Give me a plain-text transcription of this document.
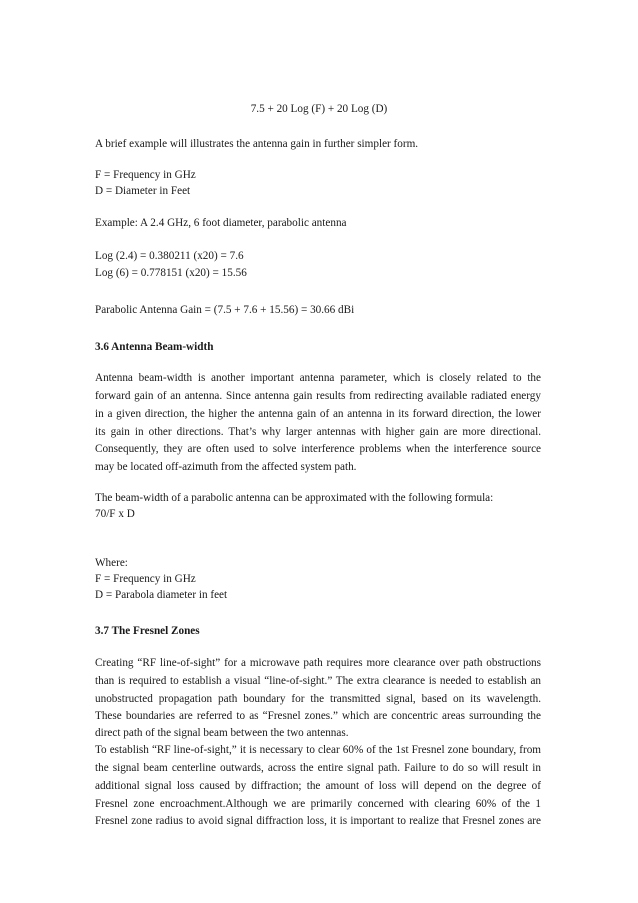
7.5 + 20 Log (F) + 20 Log (D)
A brief example will illustrates the antenna gain in further simpler form.
F = Frequency in GHz
D = Diameter in Feet
Example: A 2.4 GHz, 6 foot diameter, parabolic antenna
Log (2.4) = 0.380211 (x20) = 7.6
Log (6) = 0.778151 (x20) = 15.56
Parabolic Antenna Gain = (7.5 + 7.6 + 15.56) = 30.66 dBi
3.6 Antenna Beam-width
Antenna beam-width is another important antenna parameter, which is closely related to the
forward gain of an antenna. Since antenna gain results from redirecting available radiated energy
in a given direction, the higher the antenna gain of an antenna in its forward direction, the lower
its gain in other directions. That’s why larger antennas with higher gain are more directional.
Consequently, they are often used to solve interference problems when the interference source
may be located off-azimuth from the affected system path.
The beam-width of a parabolic antenna can be approximated with the following formula:
70/F x D
Where:
F = Frequency in GHz
D = Parabola diameter in feet
3.7 The Fresnel Zones
Creating “RF line-of-sight” for a microwave path requires more clearance over path obstructions
than is required to establish a visual “line-of-sight.” The extra clearance is needed to establish an
unobstructed propagation path boundary for the transmitted signal, based on its wavelength.
These boundaries are referred to as “Fresnel zones.” which are concentric areas surrounding the
direct path of the signal beam between the two antennas.
To establish “RF line-of-sight,” it is necessary to clear 60% of the 1st Fresnel zone boundary, from
the signal beam centerline outwards, across the entire signal path. Failure to do so will result in
additional signal loss caused by diffraction; the amount of loss will depend on the degree of
Fresnel zone encroachment.Although we are primarily concerned with clearing 60% of the 1
Fresnel zone radius to avoid signal diffraction loss, it is important to realize that Fresnel zones are
